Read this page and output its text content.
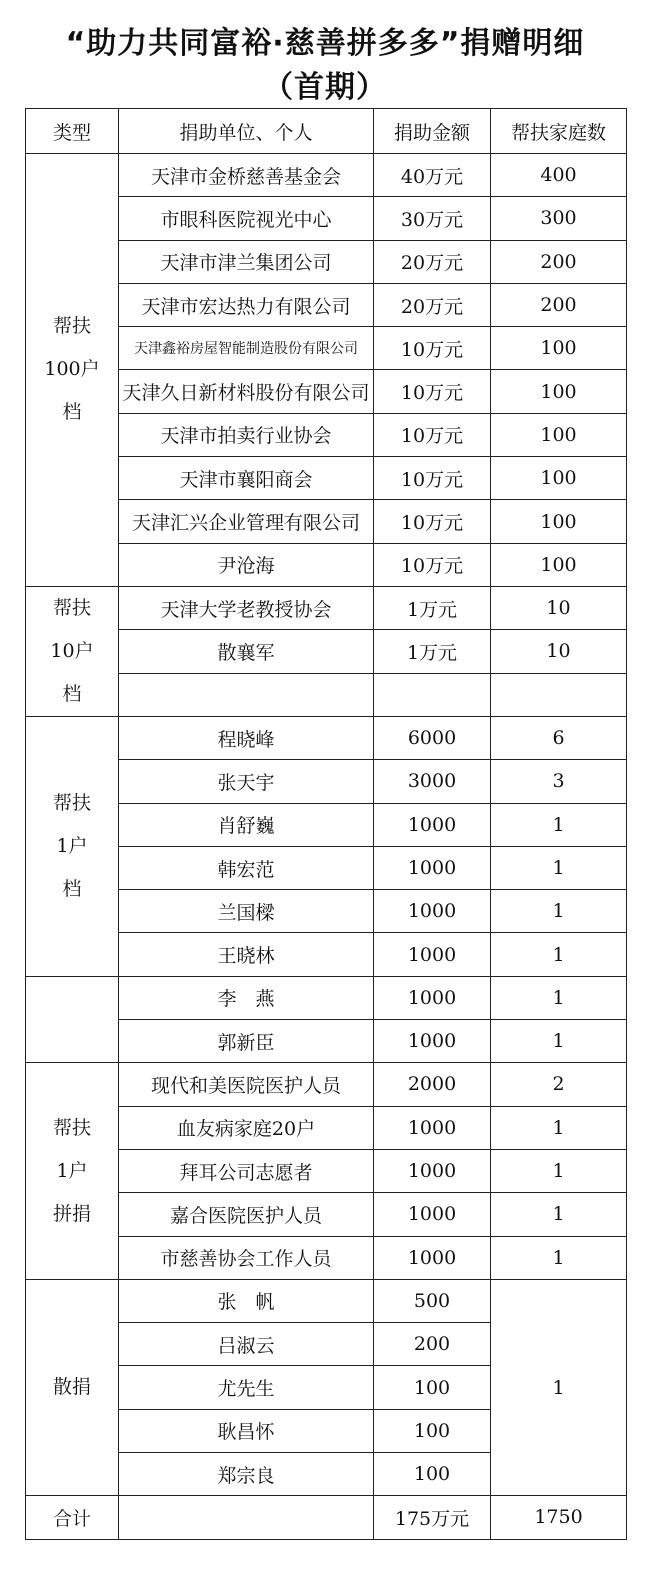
“助力共同富裕·慈善拼多多”捐赠明细
（首期）
类型	捐助单位、个人	捐助金额	帮扶家庭数

帮扶
100户
档	天津市金桥慈善基金会	40万元	400
	市眼科医院视光中心	30万元	300
	天津市津兰集团公司	20万元	200
	天津市宏达热力有限公司	20万元	200
	天津鑫裕房屋智能制造股份有限公司	10万元	100
	天津久日新材料股份有限公司	10万元	100
	天津市拍卖行业协会	10万元	100
	天津市襄阳商会	10万元	100
	天津汇兴企业管理有限公司	10万元	100
	尹沧海	10万元	100

帮扶
10户
档	天津大学老教授协会	1万元	10
	散襄军	1万元	10

帮扶
1户
档	程晓峰	6000	6
	张天宇	3000	3
	肖舒巍	1000	1
	韩宏范	1000	1
	兰国樑	1000	1
	王晓林	1000	1
	李　燕	1000	1
	郭新臣	1000	1

帮扶
1户
拼捐	现代和美医院医护人员	2000	2
	血友病家庭20户	1000	1
	拜耳公司志愿者	1000	1
	嘉合医院医护人员	1000	1
	市慈善协会工作人员	1000	1

散捐	张　帆	500	1
	吕淑云	200	
	尤先生	100	
	耿昌怀	100	
	郑宗良	100	
合计		175万元	1750
